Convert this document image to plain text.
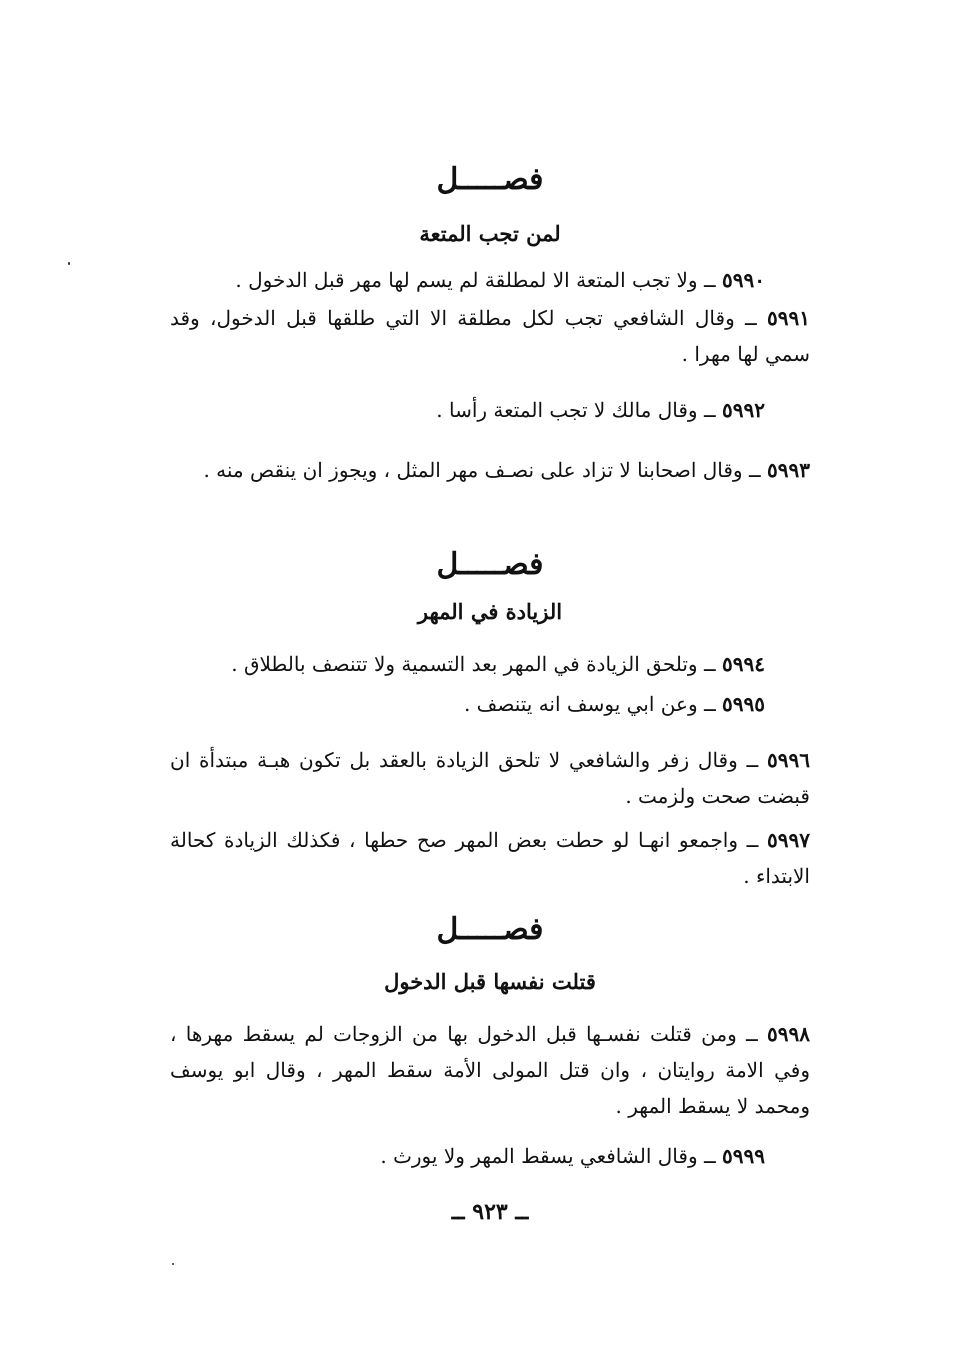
فصـــــل
لمن تجب المتعة
٥٩٩٠ ــ ولا تجب المتعة الا لمطلقة لم يسم لها مهر قبل الدخول .
٥٩٩١ ــ وقال الشافعي تجب لكل مطلقة الا التي طلقها قبل الدخول، وقد سمي لها مهرا .
٥٩٩٢ ــ وقال مالك لا تجب المتعة رأسا .
٥٩٩٣ ــ وقال اصحابنا لا تزاد على نصـف مهر المثل ، ويجوز ان ينقص منه .
فصـــــل
الزيادة في المهر
٥٩٩٤ ــ وتلحق الزيادة في المهر بعد التسمية ولا تتنصف بالطلاق .
٥٩٩٥ ــ وعن ابي يوسف انه يتنصف .
٥٩٩٦ ــ وقال زفر والشافعي لا تلحق الزيادة بالعقد بل تكون هبـة مبتدأة ان قبضت صحت ولزمت .
٥٩٩٧ ــ واجمعو انهـا لو حطت بعض المهر صح حطها ، فكذلك الزيادة كحالة الابتداء .
فصـــــل
قتلت نفسها قبل الدخول
٥٩٩٨ ــ ومن قتلت نفسـها قبل الدخول بها من الزوجات لم يسقط مهرها ، وفي الامة روايتان ، وان قتل المولى الأمة سقط المهر ، وقال ابو يوسف ومحمد لا يسقط المهر .
٥٩٩٩ ــ وقال الشافعي يسقط المهر ولا يورث .
ــ ٩٢٣ ــ
